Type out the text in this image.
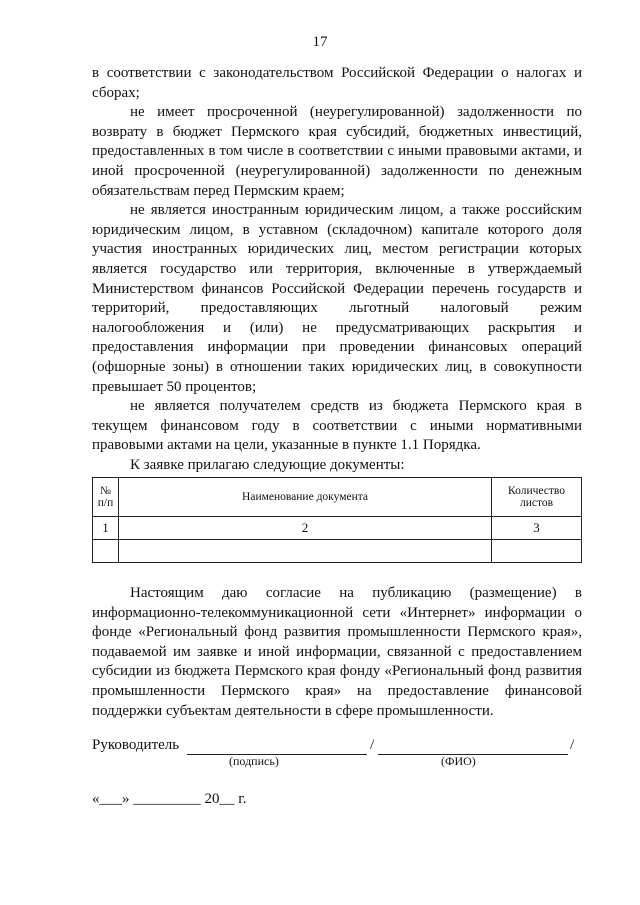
17

в соответствии с законодательством Российской Федерации о налогах и сборах;

не имеет просроченной (неурегулированной) задолженности по возврату в бюджет Пермского края субсидий, бюджетных инвестиций, предоставленных в том числе в соответствии с иными правовыми актами, и иной просроченной (неурегулированной) задолженности по денежным обязательствам перед Пермским краем;

не является иностранным юридическим лицом, а также российским юридическим лицом, в уставном (складочном) капитале которого доля участия иностранных юридических лиц, местом регистрации которых является государство или территория, включенные в утверждаемый Министерством финансов Российской Федерации перечень государств и территорий, предоставляющих льготный налоговый режим налогообложения и (или) не предусматривающих раскрытия и предоставления информации при проведении финансовых операций (офшорные зоны) в отношении таких юридических лиц, в совокупности превышает 50 процентов;

не является получателем средств из бюджета Пермского края в текущем финансовом году в соответствии с иными нормативными правовыми актами на цели, указанные в пункте 1.1 Порядка.

К заявке прилагаю следующие документы:

№ п/п	Наименование документа	Количество листов
1	2	3

Настоящим даю согласие на публикацию (размещение) в информационно-телекоммуникационной сети «Интернет» информации о фонде «Региональный фонд развития промышленности Пермского края», подаваемой им заявке и иной информации, связанной с предоставлением субсидии из бюджета Пермского края фонду «Региональный фонд развития промышленности Пермского края» на предоставление финансовой поддержки субъектам деятельности в сфере промышленности.

Руководитель	/	/
(подпись)	(ФИО)
«___» _________ 20__ г.
